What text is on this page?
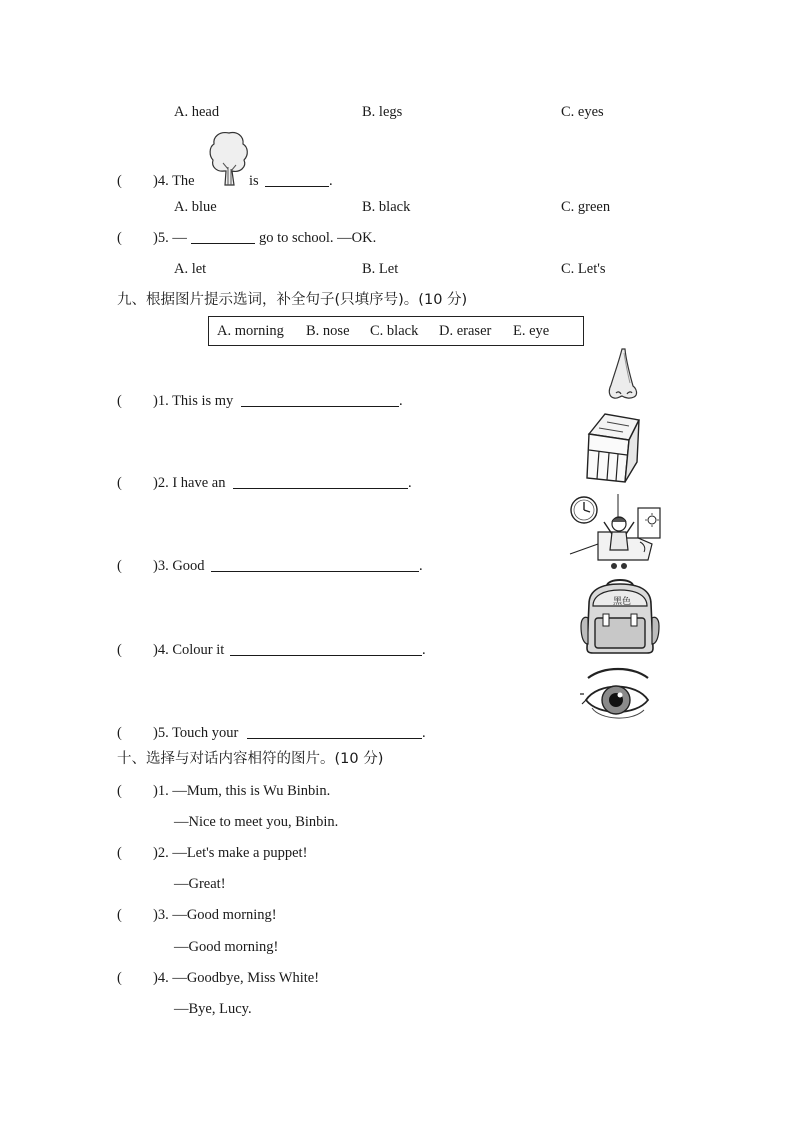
A. head	B. legs	C. eyes
( )4. The	is	.
A. blue	B. black	C. green
( )5. —	go to school. —OK.
A. let	B. Let	C. Let's
九、根据图片提示选词，补全句子(只填序号)。(10 分)
A. morning B. nose C. black D. eraser E. eye
( )1. This is my	.
( )2. I have an	.
( )3. Good	.
( )4. Colour it	.
( )5. Touch your	.
黑色
十、选择与对话内容相符的图片。(10 分)
( )1. —Mum, this is Wu Binbin.
—Nice to meet you, Binbin.
( )2. —Let's make a puppet!
—Great!
( )3. —Good morning!
—Good morning!
( )4. —Goodbye, Miss White!
—Bye, Lucy.
